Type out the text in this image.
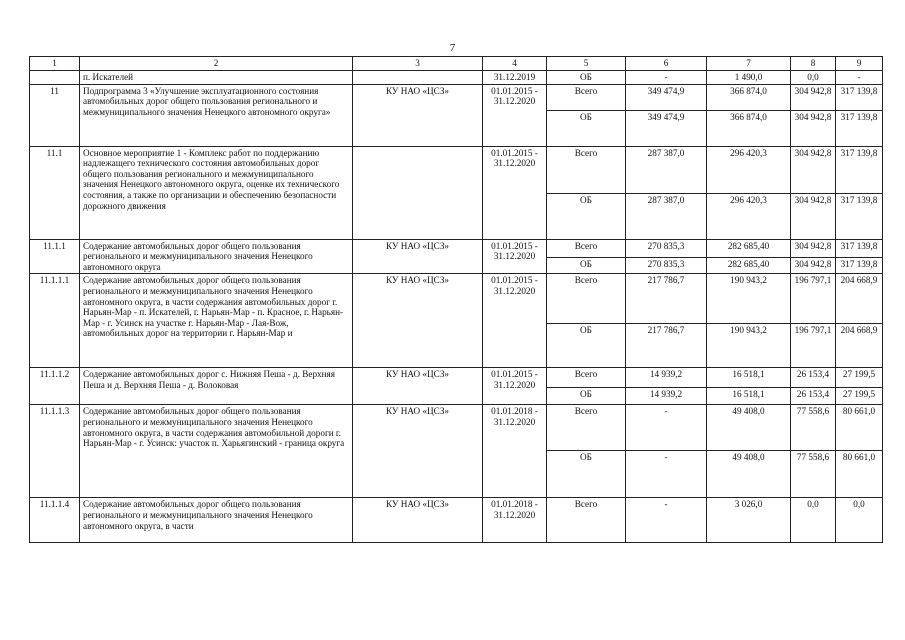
7
1	2	3	4	5	6	7	8	9
	п. Искателей		31.12.2019	ОБ	-	1 490,0	0,0	-
11	Подпрограмма 3 «Улучшение эксплуатационного состояния автомобильных дорог общего пользования регионального и межмуниципального значения Ненецкого автономного округа»	КУ НАО «ЦСЗ»	01.01.2015 - 31.12.2020	Всего	349 474,9	366 874,0	304 942,8	317 139,8
				ОБ	349 474,9	366 874,0	304 942,8	317 139,8
11.1	Основное мероприятие 1 - Комплекс работ по поддержанию надлежащего технического состояния автомобильных дорог общего пользования регионального и межмуниципального значения Ненецкого автономного округа, оценке их технического состояния, а также по организации и обеспечению безопасности дорожного движения		01.01.2015 - 31.12.2020	Всего	287 387,0	296 420,3	304 942,8	317 139,8
				ОБ	287 387,0	296 420,3	304 942,8	317 139,8
11.1.1	Содержание автомобильных дорог общего пользования регионального и межмуниципального значения Ненецкого автономного округа	КУ НАО «ЦСЗ»	01.01.2015 - 31.12.2020	Всего	270 835,3	282 685,40	304 942,8	317 139,8
				ОБ	270 835,3	282 685,40	304 942,8	317 139,8
11.1.1.1	Содержание автомобильных дорог общего пользования регионального и межмуниципального значения Ненецкого автономного округа, в части содержания автомобильных дорог г. Нарьян-Мар - п. Искателей, г. Нарьян-Мар - п. Красное, г. Нарьян-Мар - г. Усинск на участке г. Нарьян-Мар - Лая-Вож, автомобильных дорог на территории г. Нарьян-Мар и	КУ НАО «ЦСЗ»	01.01.2015 - 31.12.2020	Всего	217 786,7	190 943,2	196 797,1	204 668,9
				ОБ	217 786,7	190 943,2	196 797,1	204 668,9
11.1.1.2	Содержание автомобильных дорог с. Нижняя Пеша - д. Верхняя Пеша и д. Верхняя Пеша - д. Волоковая	КУ НАО «ЦСЗ»	01.01.2015 - 31.12.2020	Всего	14 939,2	16 518,1	26 153,4	27 199,5
				ОБ	14 939,2	16 518,1	26 153,4	27 199,5
11.1.1.3	Содержание автомобильных дорог общего пользования регионального и межмуниципального значения Ненецкого автономного округа, в части содержания автомобильной дороги г. Нарьян-Мар - г. Усинск: участок п. Харьягинский - граница округа	КУ НАО «ЦСЗ»	01.01.2018 - 31.12.2020	Всего	-	49 408,0	77 558,6	80 661,0
				ОБ	-	49 408,0	77 558,6	80 661,0
11.1.1.4	Содержание автомобильных дорог общего пользования регионального и межмуниципального значения Ненецкого автономного округа, в части	КУ НАО «ЦСЗ»	01.01.2018 - 31.12.2020	Всего	-	3 026,0	0,0	0,0
